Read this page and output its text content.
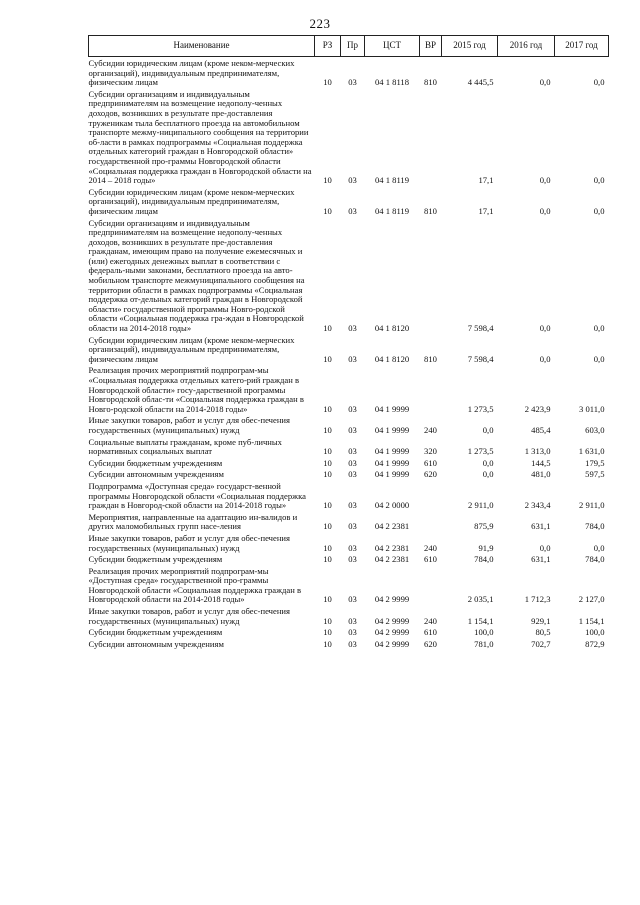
223
Наименование	РЗ	Пр	ЦСТ	ВР	2015 год	2016 год	2017 год
Субсидии юридическим лицам (кроме неком-мерческих организаций), индивидуальным предпринимателям, физическим лицам	10	03	04 1 8118	810	4 445,5	0,0	0,0
Субсидии организациям и индивидуальным предпринимателям на возмещение недополу-ченных доходов, возникших в результате пре-доставления труженикам тыла бесплатного проезда на автомобильном транспорте межму-ниципального сообщения на территории об-ласти в рамках подпрограммы «Социальная поддержка отдельных категорий граждан в Новгородской области» государственной про-граммы Новгородской области «Социальная поддержка граждан в Новгородской области на 2014 – 2018 годы»	10	03	04 1 8119		17,1	0,0	0,0
Субсидии юридическим лицам (кроме неком-мерческих организаций), индивидуальным предпринимателям, физическим лицам	10	03	04 1 8119	810	17,1	0,0	0,0
Субсидии организациям и индивидуальным предпринимателям на возмещение недополу-ченных доходов, возникших в результате пре-доставления гражданам, имеющим право на получение ежемесячных и (или) ежегодных денежных выплат в соответствии с федераль-ными законами, бесплатного проезда на авто-мобильном транспорте межмуниципального сообщения на территории области в рамках подпрограммы «Социальная поддержка от-дельных категорий граждан в Новгородской области» государственной программы Новго-родской области «Социальная поддержка гра-ждан в Новгородской области на 2014-2018 годы»	10	03	04 1 8120		7 598,4	0,0	0,0
Субсидии юридическим лицам (кроме неком-мерческих организаций), индивидуальным предпринимателям, физическим лицам	10	03	04 1 8120	810	7 598,4	0,0	0,0
Реализация прочих мероприятий подпрограм-мы «Социальная поддержка отдельных катего-рий граждан в Новгородской области» госу-дарственной программы Новгородской облас-ти «Социальная поддержка граждан в Новго-родской области на 2014-2018 годы»	10	03	04 1 9999		1 273,5	2 423,9	3 011,0
Иные закупки товаров, работ и услуг для обес-печения государственных (муниципальных) нужд	10	03	04 1 9999	240	0,0	485,4	603,0
Социальные выплаты гражданам, кроме пуб-личных нормативных социальных выплат	10	03	04 1 9999	320	1 273,5	1 313,0	1 631,0
Субсидии бюджетным учреждениям	10	03	04 1 9999	610	0,0	144,5	179,5
Субсидии автономным учреждениям	10	03	04 1 9999	620	0,0	481,0	597,5
Подпрограмма «Доступная среда» государст-венной программы Новгородской области «Социальная поддержка граждан в Новгород-ской области на 2014-2018 годы»	10	03	04 2 0000		2 911,0	2 343,4	2 911,0
Мероприятия, направленные на адаптацию ин-валидов и других маломобильных групп насе-ления	10	03	04 2 2381		875,9	631,1	784,0
Иные закупки товаров, работ и услуг для обес-печения государственных (муниципальных) нужд	10	03	04 2 2381	240	91,9	0,0	0,0
Субсидии бюджетным учреждениям	10	03	04 2 2381	610	784,0	631,1	784,0
Реализация прочих мероприятий подпрограм-мы «Доступная среда» государственной про-граммы Новгородской области «Социальная поддержка граждан в Новгородской области на 2014-2018 годы»	10	03	04 2 9999		2 035,1	1 712,3	2 127,0
Иные закупки товаров, работ и услуг для обес-печения государственных (муниципальных) нужд	10	03	04 2 9999	240	1 154,1	929,1	1 154,1
Субсидии бюджетным учреждениям	10	03	04 2 9999	610	100,0	80,5	100,0
Субсидии автономным учреждениям	10	03	04 2 9999	620	781,0	702,7	872,9
